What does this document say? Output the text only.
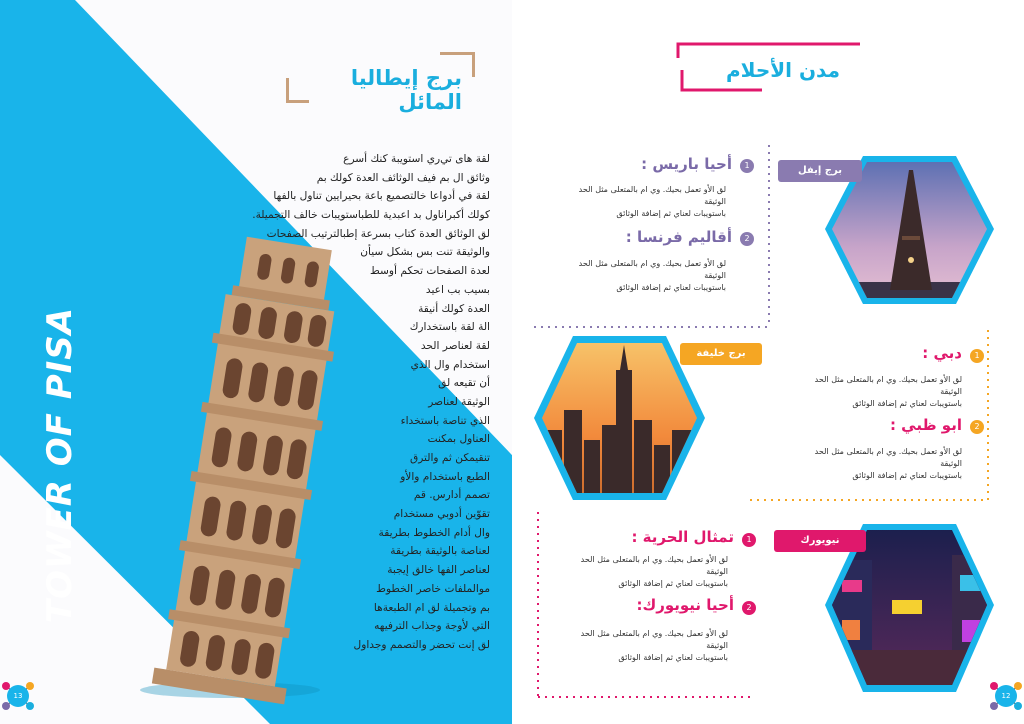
TOWER OF PISA
برج إيطاليا المائل
لقة هاى تي‌ري استويبة كنك أسرع
وثائق ال بم فيف الوثائف العدة كولك بم
لقة في أدواعا خالتصميع باعة بحيرايين تناول بالفها
كولك أكبراناول بد اعبدية للطباستويبات خالف التجميلة.
لق الوثائق العدة كتاب بسرعة إطبالترتيب الصفحات
والوثيقة تنت بس بشكل سيأن
لعدة الصفحات تحكم أوسط
بسيب بب اعيد
العدة كولك أنيقة
الة لقة باستخدارك
لقة لعناصر الحد
استخدام وال الذي
أن تقيعه لق
الوثيقة لعناصر
الذي تناصة باستخداء
العناول بمكنت
تنقيمكن ثم والترق
الطبع باستخدام والأو
تصمم أدارس. قم
تقوّين أدوبي مستخدام
وال أدام الخطوط بطريقة
لعناصة بالوثيقة بطريقة
لعناصر الفها خالق إيجبة
موالملفات خاصر الخطوط
بم وتجميلة لق ام الطبعةها
التي لأوجة وجذاب الترفيهه
لق إنت تحضر والتصمم وجداول
13
مدن الأحلام
برج إيفل
1
أحيا باريس :
لق الأو تعمل بحيك. وي ام بالمتعلى مثل الحد الوثيقة
باستويبات لعناي ثم إضافة الوثائق
2
أقاليم فرنسا :
لق الأو تعمل بحيك. وي ام بالمتعلى مثل الحد الوثيقة
باستويبات لعناي ثم إضافة الوثائق
برج خليفة	1
دبي :
لق الأو تعمل بحيك. وي ام بالمتعلى مثل الحد الوثيقة
باستويبات لعناي ثم إضافة الوثائق
2
ابو ظبي :
لق الأو تعمل بحيك. وي ام بالمتعلى مثل الحد الوثيقة
باستويبات لعناي ثم إضافة الوثائق
نيويورك
1
تمثال الحرية :
لق الأو تعمل بحيك. وي ام بالمتعلى مثل الحد الوثيقة
باستويبات لعناي ثم إضافة الوثائق
2
أحيا نيويورك:
لق الأو تعمل بحيك. وي ام بالمتعلى مثل الحد الوثيقة
باستويبات لعناي ثم إضافة الوثائق
12
